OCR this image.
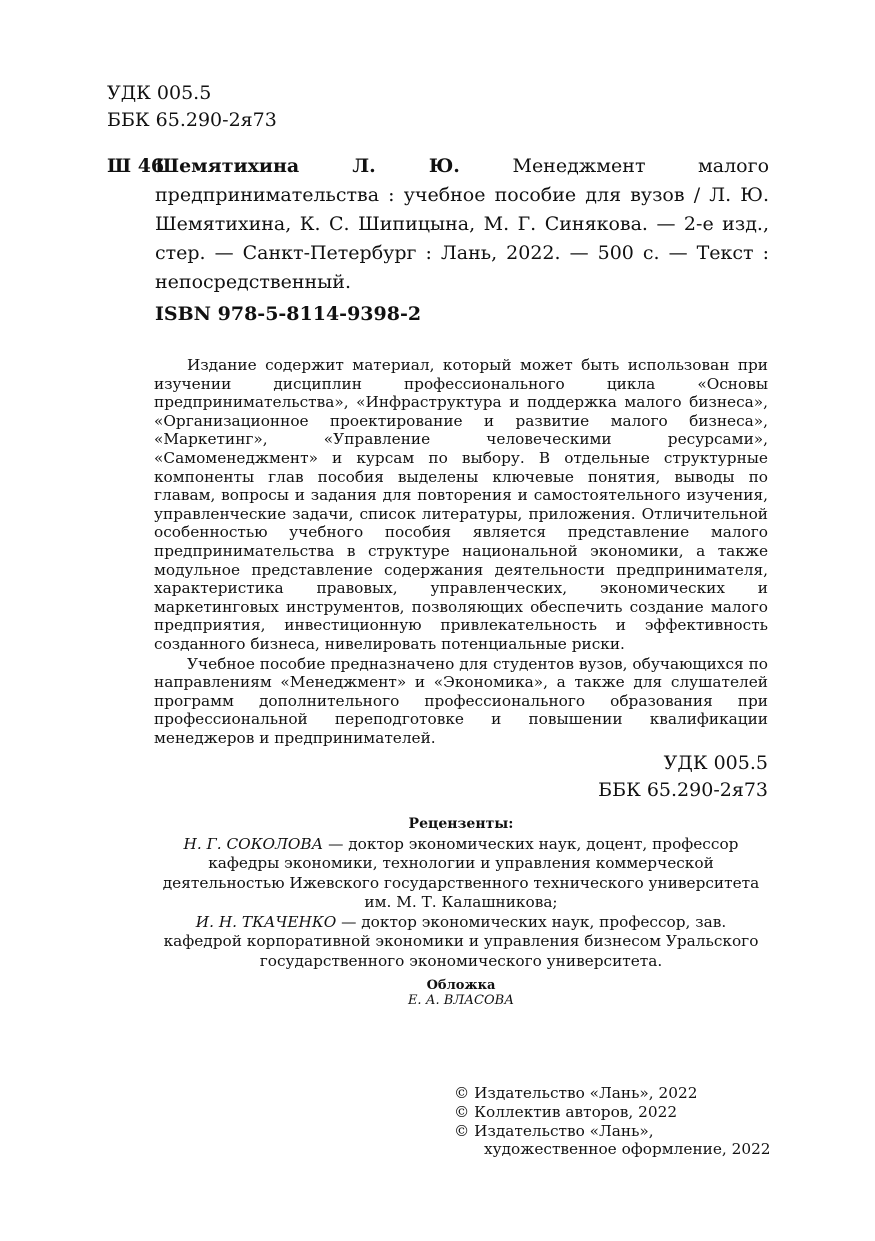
УДК 005.5
ББК 65.290-2я73
Ш 46
Шемятихина Л. Ю.	Менеджмент малого предпринимательства : учебное пособие для вузов / Л. Ю. Шемятихина, К. С. Шипицына, М. Г. Синякова. — 2-е изд., стер. — Санкт-Петербург : Лань, 2022. — 500 с. — Текст : непосредственный.
ISBN 978-5-8114-9398-2

Издание содержит материал, который может быть использован при изучении дисциплин профессионального цикла «Основы предпринимательства», «Инфраструктура и поддержка малого бизнеса», «Организационное проектирование и развитие малого бизнеса», «Маркетинг», «Управление человеческими ресурсами», «Самоменеджмент» и курсам по выбору. В отдельные структурные компоненты глав пособия выделены ключевые понятия, выводы по главам, вопросы и задания для повторения и самостоятельного изучения, управленческие задачи, список литературы, приложения. Отличительной особенностью учебного пособия является представление малого предпринимательства в структуре национальной экономики, а также модульное представление содержания деятельности предпринимателя, характеристика правовых, управленческих, экономических и маркетинговых инструментов, позволяющих обеспечить создание малого предприятия, инвестиционную привлекательность и эффективность созданного бизнеса, нивелировать потенциальные риски.

Учебное пособие предназначено для студентов вузов, обучающихся по направлениям «Менеджмент» и «Экономика», а также для слушателей программ дополнительного профессионального образования при профессиональной переподготовке и повышении квалификации менеджеров и предпринимателей.

УДК 005.5
ББК 65.290-2я73

Рецензенты:

Н. Г. СОКОЛОВА — доктор экономических наук, доцент, профессор

кафедры экономики, технологии и управления коммерческой

деятельностью Ижевского государственного технического университета

им. М. Т. Калашникова;

И. Н. ТКАЧЕНКО — доктор экономических наук, профессор, зав.

кафедрой корпоративной экономики и управления бизнесом Уральского

государственного экономического университета.

Обложка
Е. А. ВЛАСОВА
© Издательство «Лань», 2022
© Коллектив авторов, 2022
© Издательство «Лань»,
художественное оформление, 2022
